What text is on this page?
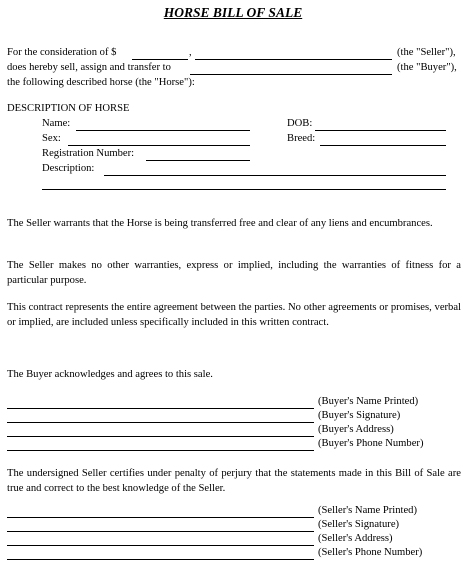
HORSE BILL OF SALE
For the consideration of $	,	(the "Seller"),
does hereby sell, assign and transfer to	(the "Buyer"),
the following described horse (the "Horse"):
DESCRIPTION OF HORSE
Name:	DOB:
Sex:	Breed:
Registration Number:
Description:
The Seller warrants that the Horse is being transferred free and clear of any liens and encumbrances.
The Seller makes no other warranties, express or implied, including the warranties of fitness for a particular purpose.
This contract represents the entire agreement between the parties. No other agreements or promises, verbal or implied, are included unless specifically included in this written contract.
The Buyer acknowledges and agrees to this sale.
(Buyer's Name Printed)
(Buyer's Signature)
(Buyer's Address)
(Buyer's Phone Number)
The undersigned Seller certifies under penalty of perjury that the statements made in this Bill of Sale are true and correct to the best knowledge of the Seller.
(Seller's Name Printed)
(Seller's Signature)
(Seller's Address)
(Seller's Phone Number)
